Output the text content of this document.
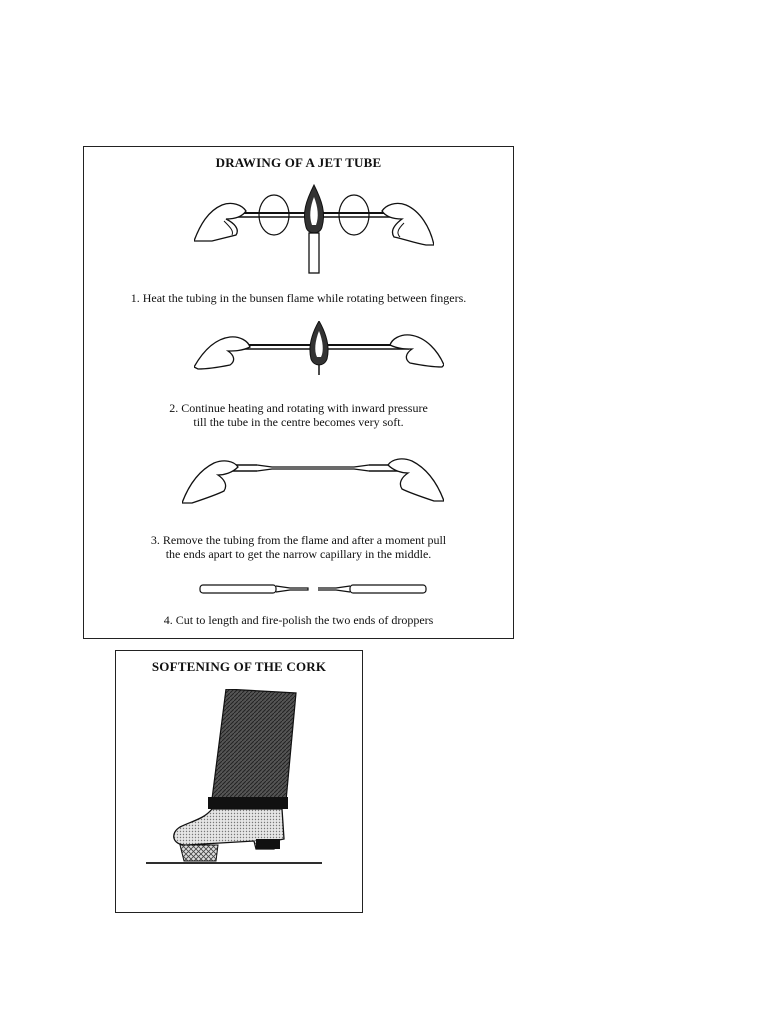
DRAWING OF A JET TUBE
1. Heat the tubing in the bunsen flame while rotating between fingers.
2. Continue heating and rotating with inward pressure
till the tube in the centre becomes very soft.
3. Remove the tubing from the flame and after a moment pull
the ends apart to get the narrow capillary in the middle.
4. Cut to length and fire-polish the two ends of droppers
SOFTENING OF THE CORK
